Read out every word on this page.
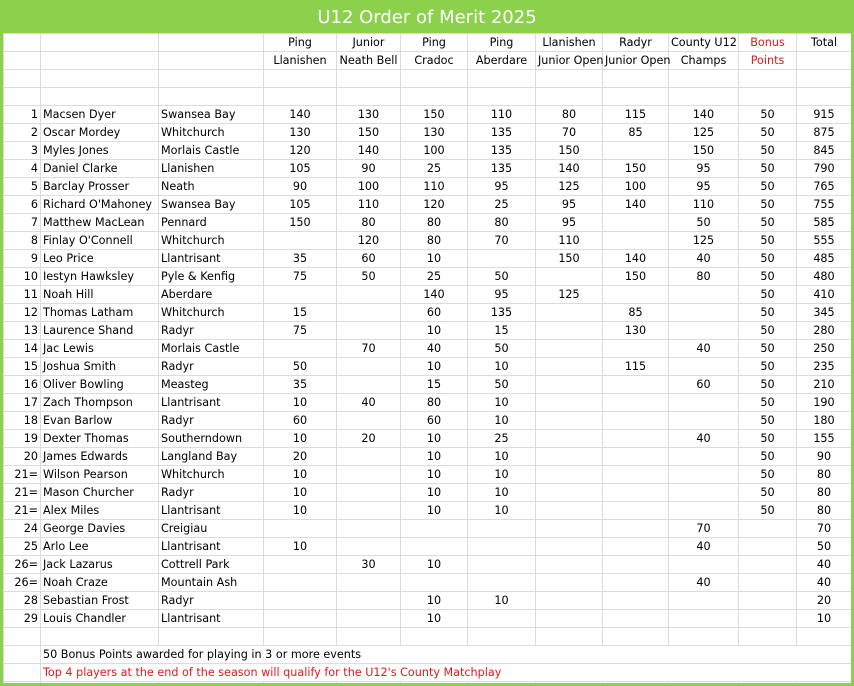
U12 Order of Merit 2025
			Ping	Junior	Ping	Ping	Llanishen	Radyr	County U12	Bonus	Total
			Llanishen	Neath Bell	Cradoc	Aberdare	Junior Open	Junior Open	Champs	Points	

1	Macsen Dyer	Swansea Bay	140	130	150	110	80	115	140	50	915
2	Oscar Mordey	Whitchurch	130	150	130	135	70	85	125	50	875
3	Myles Jones	Morlais Castle	120	140	100	135	150		150	50	845
4	Daniel Clarke	Llanishen	105	90	25	135	140	150	95	50	790
5	Barclay Prosser	Neath	90	100	110	95	125	100	95	50	765
6	Richard O'Mahoney	Swansea Bay	105	110	120	25	95	140	110	50	755
7	Matthew MacLean	Pennard	150	80	80	80	95		50	50	585
8	Finlay O'Connell	Whitchurch		120	80	70	110		125	50	555
9	Leo Price	Llantrisant	35	60	10		150	140	40	50	485
10	Iestyn Hawksley	Pyle & Kenfig	75	50	25	50		150	80	50	480
11	Noah Hill	Aberdare			140	95	125			50	410
12	Thomas Latham	Whitchurch	15		60	135		85		50	345
13	Laurence Shand	Radyr	75		10	15		130		50	280
14	Jac Lewis	Morlais Castle		70	40	50			40	50	250
15	Joshua Smith	Radyr	50		10	10		115		50	235
16	Oliver Bowling	Measteg	35		15	50			60	50	210
17	Zach Thompson	Llantrisant	10	40	80	10				50	190
18	Evan Barlow	Radyr	60		60	10				50	180
19	Dexter Thomas	Southerndown	10	20	10	25			40	50	155
20	James Edwards	Langland Bay	20		10	10				50	90
21=	Wilson Pearson	Whitchurch	10		10	10				50	80
21=	Mason Churcher	Radyr	10		10	10				50	80
21=	Alex Miles	Llantrisant	10		10	10				50	80
24	George Davies	Creigiau							70		70
25	Arlo Lee	Llantrisant	10						40		50
26=	Jack Lazarus	Cottrell Park		30	10						40
26=	Noah Craze	Mountain Ash							40		40
28	Sebastian Frost	Radyr			10	10					20
29	Louis Chandler	Llantrisant			10						10

	50 Bonus Points awarded for playing in 3 or more events										
	Top 4 players at the end of the season will qualify for the U12's County Matchplay										
